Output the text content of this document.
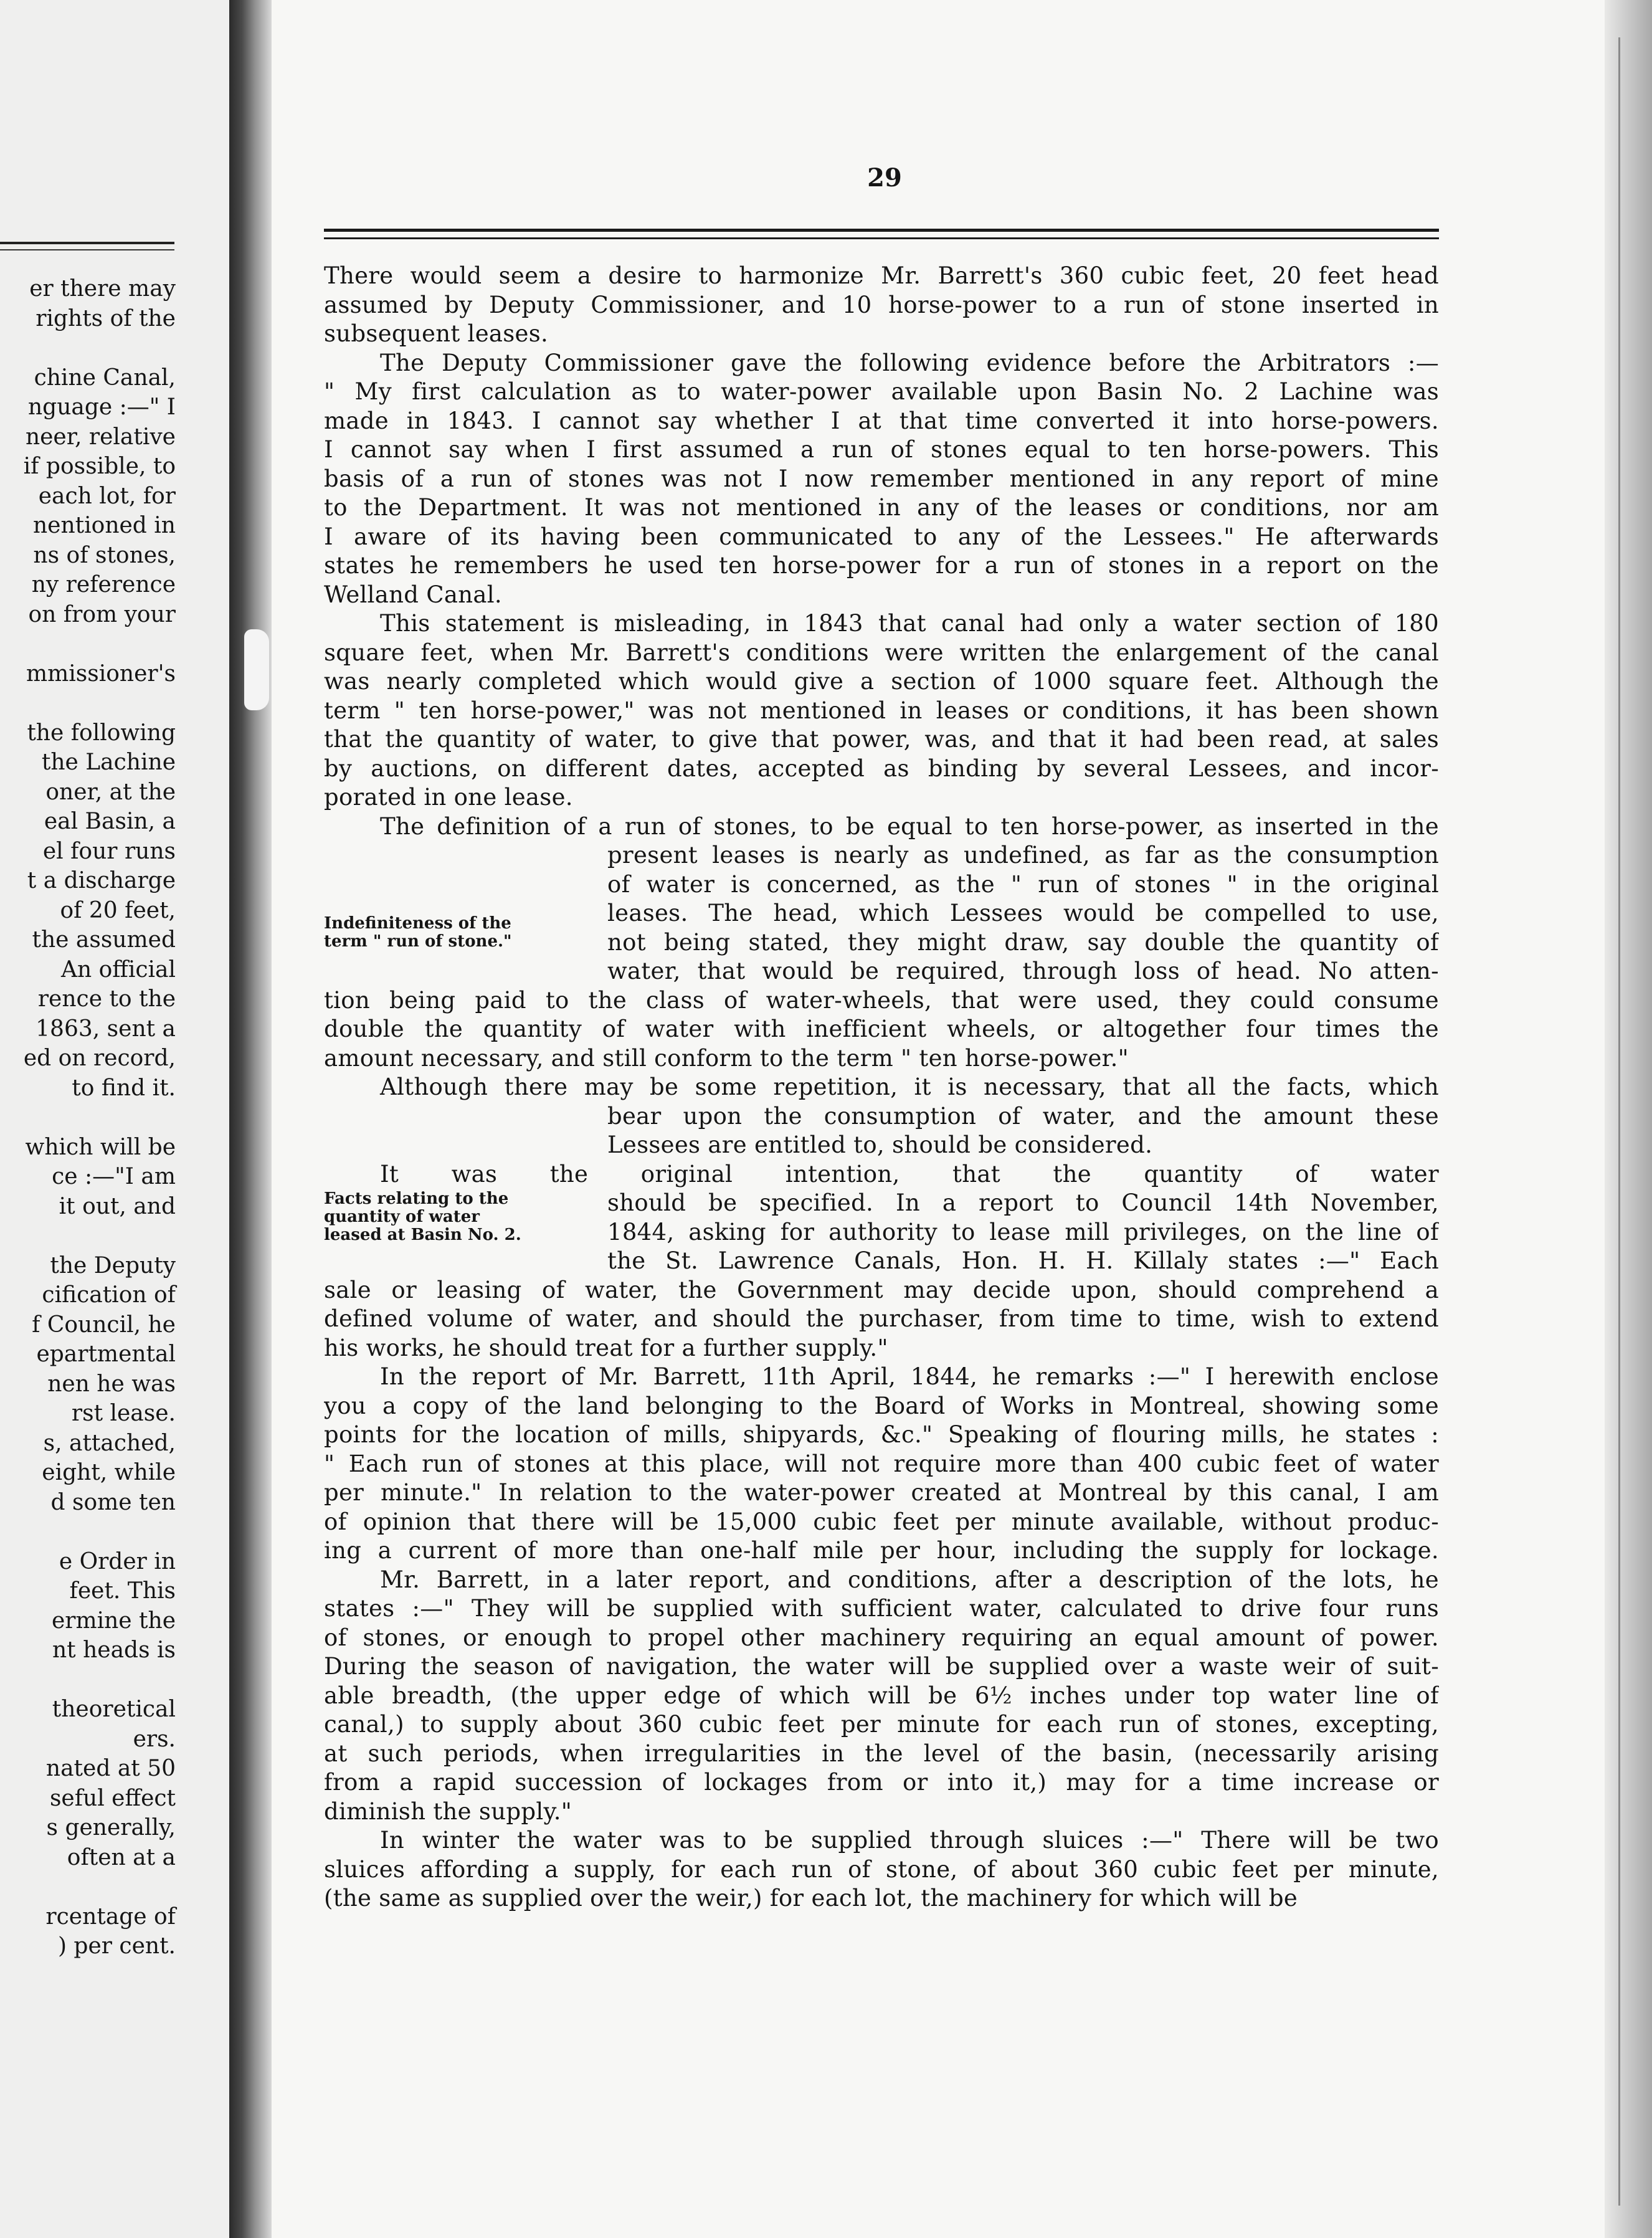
er there may
rights of the
chine Canal,
nguage :—" I
neer, relative
if possible, to
each lot, for
nentioned in
ns of stones,
ny reference
on from your
mmissioner's
the following
the Lachine
oner, at the
eal Basin, a
el four runs
t a discharge
of 20 feet,
the assumed
An official
rence to the
1863, sent a
ed on record,
to find it.
which will be
ce :—"I am
it out, and
the Deputy
cification of
f Council, he
epartmental
nen he was
rst lease.
s, attached,
eight, while
d some ten
e Order in
feet. This
ermine the
nt heads is
theoretical
ers.
nated at 50
seful effect
s generally,
often at a
rcentage of
) per cent.
29
There would seem a desire to harmonize Mr. Barrett's 360 cubic feet, 20 feet head
assumed by Deputy Commissioner, and 10 horse-power to a run of stone inserted in
subsequent leases.
The Deputy Commissioner gave the following evidence before the Arbitrators :—
" My first calculation as to water-power available upon Basin No. 2 Lachine was
made in 1843. I cannot say whether I at that time converted it into horse-powers.
I cannot say when I first assumed a run of stones equal to ten horse-powers. This
basis of a run of stones was not I now remember mentioned in any report of mine
to the Department. It was not mentioned in any of the leases or conditions, nor am
I aware of its having been communicated to any of the Lessees." He afterwards
states he remembers he used ten horse-power for a run of stones in a report on the
Welland Canal.
This statement is misleading, in 1843 that canal had only a water section of 180
square feet, when Mr. Barrett's conditions were written the enlargement of the canal
was nearly completed which would give a section of 1000 square feet. Although the
term " ten horse-power," was not mentioned in leases or conditions, it has been shown
that the quantity of water, to give that power, was, and that it had been read, at sales
by auctions, on different dates, accepted as binding by several Lessees, and incor-
porated in one lease.
The definition of a run of stones, to be equal to ten horse-power, as inserted in the
present leases is nearly as undefined, as far as the consumption
of water is concerned, as the " run of stones " in the original
leases. The head, which Lessees would be compelled to use,
not being stated, they might draw, say double the quantity of
water, that would be required, through loss of head. No atten-
tion being paid to the class of water-wheels, that were used, they could consume
double the quantity of water with inefficient wheels, or altogether four times the
amount necessary, and still conform to the term " ten horse-power."
Although there may be some repetition, it is necessary, that all the facts, which
bear upon the consumption of water, and the amount these
Lessees are entitled to, should be considered.
It was the original intention, that the quantity of water
should be specified. In a report to Council 14th November,
1844, asking for authority to lease mill privileges, on the line of
the St. Lawrence Canals, Hon. H. H. Killaly states :—" Each
sale or leasing of water, the Government may decide upon, should comprehend a
defined volume of water, and should the purchaser, from time to time, wish to extend
his works, he should treat for a further supply."
In the report of Mr. Barrett, 11th April, 1844, he remarks :—" I herewith enclose
you a copy of the land belonging to the Board of Works in Montreal, showing some
points for the location of mills, shipyards, &c." Speaking of flouring mills, he states :
" Each run of stones at this place, will not require more than 400 cubic feet of water
per minute." In relation to the water-power created at Montreal by this canal, I am
of opinion that there will be 15,000 cubic feet per minute available, without produc-
ing a current of more than one-half mile per hour, including the supply for lockage.
Mr. Barrett, in a later report, and conditions, after a description of the lots, he
states :—" They will be supplied with sufficient water, calculated to drive four runs
of stones, or enough to propel other machinery requiring an equal amount of power.
During the season of navigation, the water will be supplied over a waste weir of suit-
able breadth, (the upper edge of which will be 6½ inches under top water line of
canal,) to supply about 360 cubic feet per minute for each run of stones, excepting,
at such periods, when irregularities in the level of the basin, (necessarily arising
from a rapid succession of lockages from or into it,) may for a time increase or
diminish the supply."
In winter the water was to be supplied through sluices :—" There will be two
sluices affording a supply, for each run of stone, of about 360 cubic feet per minute,
(the same as supplied over the weir,) for each lot, the machinery for which will be
Indefiniteness of the
term " run of stone."
Facts relating to the
quantity of water
leased at Basin No. 2.
